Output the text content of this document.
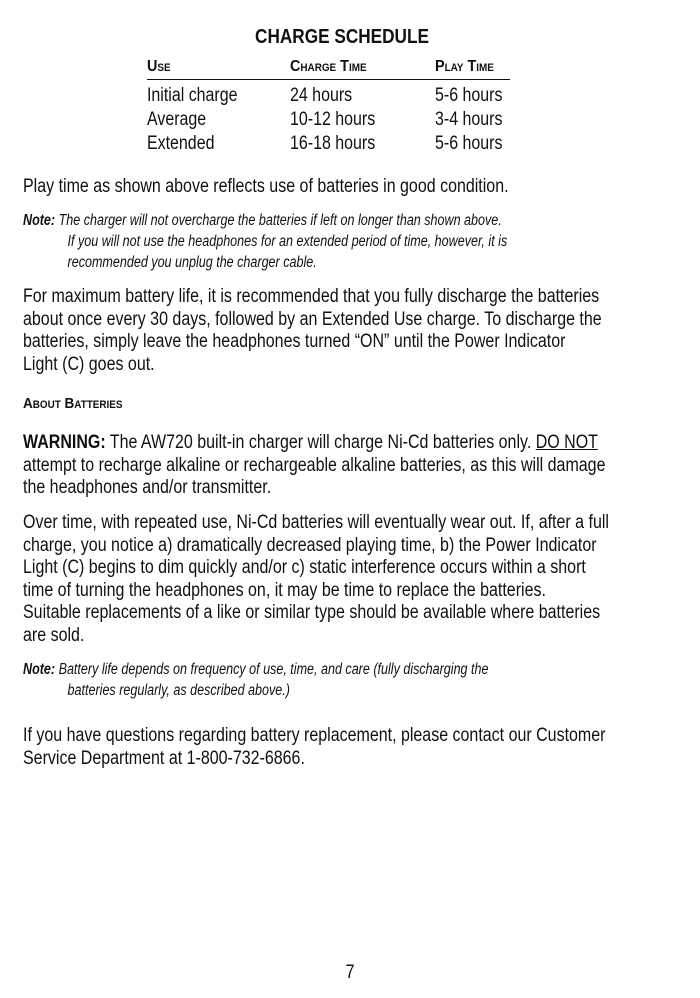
CHARGE SCHEDULE
Use	Charge Time	Play Time
Initial charge	24 hours	5-6 hours
Average	10-12 hours	3-4 hours
Extended	16-18 hours	5-6 hours

Play time as shown above reflects use of batteries in good condition.

Note: The charger will not overcharge the batteries if left on longer than shown above.
If you will not use the headphones for an extended period of time, however, it is
recommended you unplug the charger cable.

For maximum battery life, it is recommended that you fully discharge the batteries

about once every 30 days, followed by an Extended Use charge. To discharge the

batteries, simply leave the headphones turned “ON” until the Power Indicator

Light (C) goes out.

About Batteries

WARNING: The AW720 built-in charger will charge Ni-Cd batteries only. DO NOT

attempt to recharge alkaline or rechargeable alkaline batteries, as this will damage

the headphones and/or transmitter.

Over time, with repeated use, Ni-Cd batteries will eventually wear out. If, after a full

charge, you notice a) dramatically decreased playing time, b) the Power Indicator

Light (C) begins to dim quickly and/or c) static interference occurs within a short

time of turning the headphones on, it may be time to replace the batteries.

Suitable replacements of a like or similar type should be available where batteries

are sold.

Note: Battery life depends on frequency of use, time, and care (fully discharging the
batteries regularly, as described above.)

If you have questions regarding battery replacement, please contact our Customer

Service Department at 1-800-732-6866.

7
